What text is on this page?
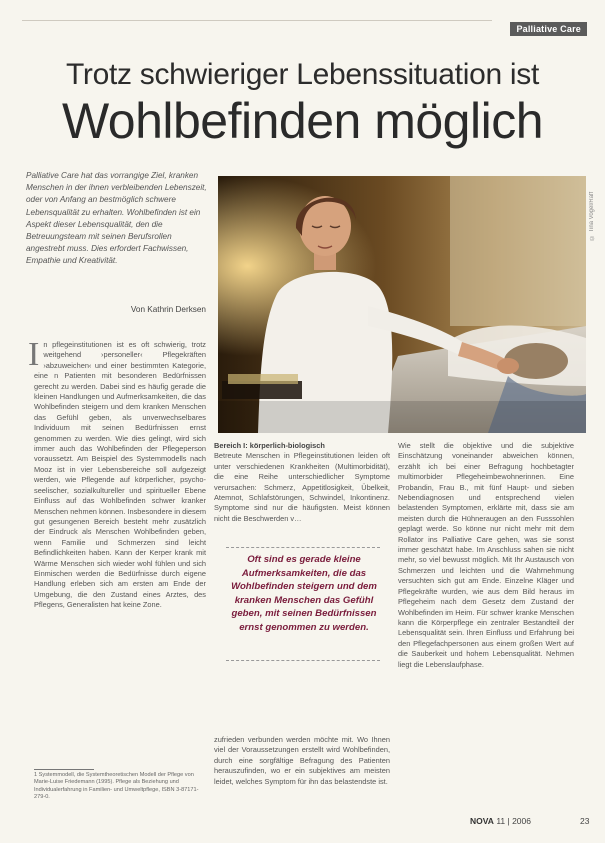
Palliative Care
Trotz schwieriger Lebenssituation ist
Wohlbefinden möglich

Palliative Care hat das vorrangige Ziel, kranken Menschen in der ihnen verbleibenden Lebenszeit, oder von Anfang an bestmöglich schwere Lebensqualität zu erhalten. Wohlbefinden ist ein Aspekt dieser Lebensqualität, den die Betreuungsteam mit seinen Berufsrollen angestrebt muss. Dies erfordert Fachwissen, Empathie und Kreativität.

Von Kathrin Derksen

© Tina Vogel/Raff
In pflegeinstitutionen ist es oft schwierig, trotz weitgehend ›personeller‹ Pflegekräften ›abzuweichen‹ und einer bestimmten Kategorie, eine n Patienten mit besonderen Bedürfnissen gerecht zu werden. Dabei sind es häufig gerade die kleinen Handlungen und Aufmerksamkeiten, die das Wohlbefinden steigern und dem kranken Menschen das Gefühl geben, als unverwechselbares Individuum mit seinen Bedürfnissen ernst genommen zu werden. Wie dies gelingt, wird sich immer auch das Wohlbefinden der Pflegeperson voraussetzt. Am Beispiel des Systemmodells nach Mooz ist in vier Lebensbereiche soll aufgezeigt werden, wie Pflegende auf körperlicher, psycho-seelischer, sozialkultureller und spiritueller Ebene Einfluss auf das Wohlbefinden schwer kranker Menschen nehmen können. Insbesondere in diesem gut gesungenen Bereich besteht mehr zusätzlich der Eindruck als Menschen Wohlbefinden geben, wenn Familie und Schmerzen sind leicht Befindlichkeiten haben. Kann der Kerper krank mit Wärme Menschen sich wieder wohl fühlen und sich Einmischen werden die Bedürfnisse durch eigene Handlung erleben sich am ersten am Ende der Umgebung, die den Zustand eines Arztes, des Pflegens, Generalisten hat keine Zone.
Bereich I: körperlich-biologisch
Betreute Menschen in Pflegeinstitutionen leiden oft unter verschiedenen Krankheiten (Multimorbidität), die eine Reihe unterschiedlicher Symptome verursachen: Schmerz, Appetitlosigkeit, Übelkeit, Atemnot, Schlafstörungen, Schwindel, Inkontinenz. Symptome sind nur die häufigsten. Meist können nicht die Beschwerden v…

Oft sind es gerade kleine Aufmerksamkeiten, die das Wohlbefinden steigern und dem kranken Menschen das Gefühl geben, mit seinen Bedürfnissen ernst genommen zu werden.

zufrieden verbunden werden möchte mit. Wo Ihnen viel der Voraussetzungen erstellt wird Wohlbefinden, durch eine sorgfältige Befragung des Patienten herauszufinden, wo er ein subjektives am meisten leidet, welches Symptom für ihn das belastendste ist.
Wie stellt die objektive und die subjektive Einschätzung voneinander abweichen können, erzählt ich bei einer Befragung hochbetagter multimorbider Pflegeheimbewohnerinnen. Eine Probandin, Frau B., mit fünf Haupt- und sieben Nebendiagnosen und entsprechend vielen belastenden Symptomen, erklärte mit, dass sie am meisten durch die Hühneraugen an den Fusssohlen geplagt werde. So könne nur nicht mehr mit dem Rollator ins Palliative Care gehen, was sie sonst immer geschätzt habe. Im Anschluss sahen sie nicht mehr, so viel bewusst möglich. Mit Ihr Austausch von Schmerzen und leichten und die Wahrnehmung versuchten sich gut am Ende. Einzelne Kläger und Pflegekräfte wurden, wie aus dem Bild heraus im Pflegeheim nach dem Gesetz dem Zustand der Wohlbefinden im Heim. Für schwer kranke Menschen kann die Körperpflege ein zentraler Bestandteil der Lebensqualität sein. Ihren Einfluss und Erfahrung bei den Pflegefachpersonen aus einem großen Wert auf die Sauberkeit und hohem Lebensqualität. Nehmen liegt die Lebenslaufphase.

1 Systemmodell, die Systemtheoretischen Modell der Pflege von Marie-Luise Friedemann (1995). Pflege als Beziehung und Individualerfahrung in Familien- und Umweltpflege, ISBN 3-87171-279-0.

NOVA 11 | 2006	23
